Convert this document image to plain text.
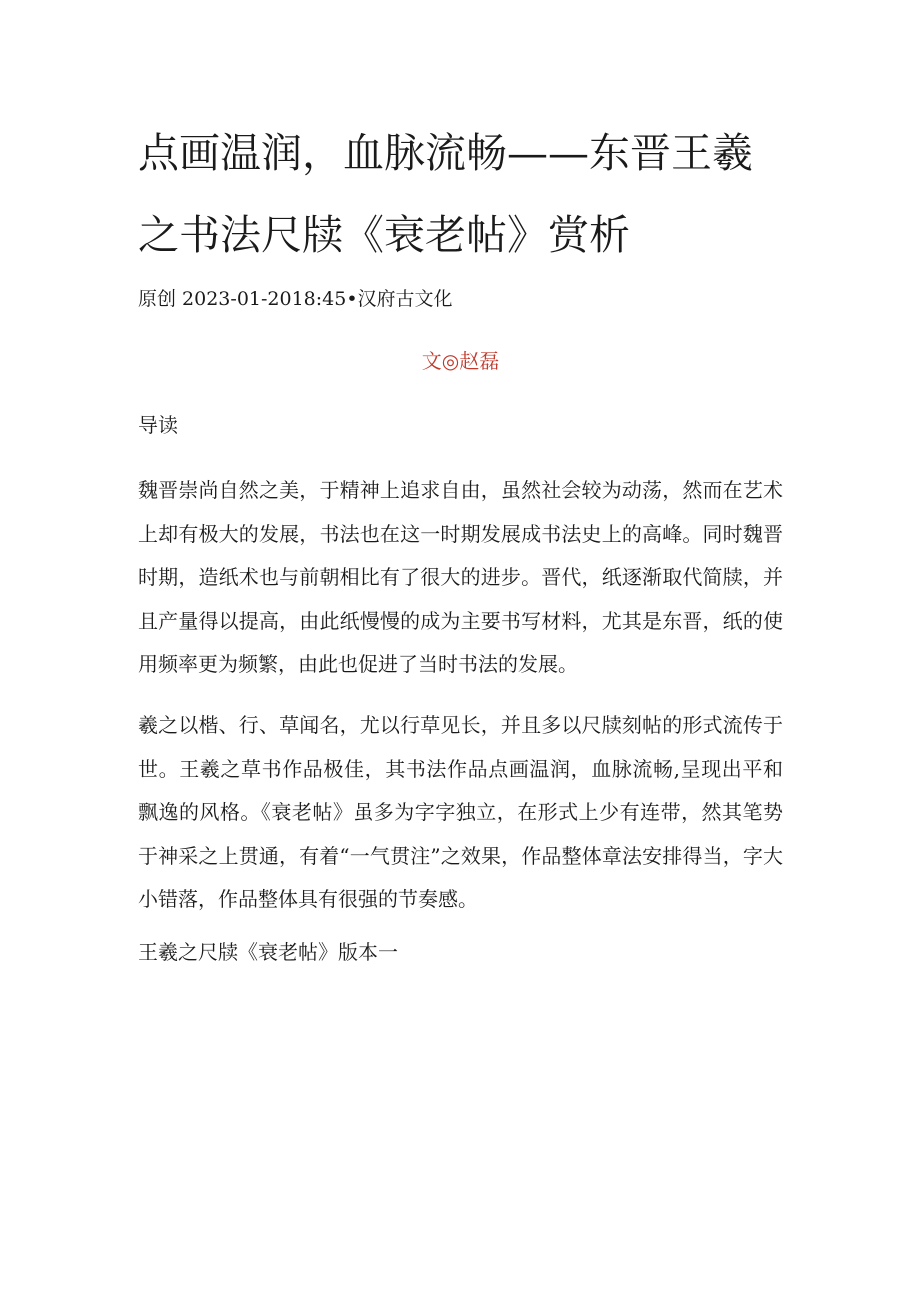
点画温润，血脉流畅——东晋王羲之书法尺牍《衰老帖》赏析
原创 2023-01-2018:45•汉府古文化
文◎赵磊
导读

魏晋崇尚自然之美，于精神上追求自由，虽然社会较为动荡，然而在艺术上却有极大的发展，书法也在这一时期发展成书法史上的高峰。同时魏晋时期，造纸术也与前朝相比有了很大的进步。晋代，纸逐渐取代简牍，并且产量得以提高，由此纸慢慢的成为主要书写材料，尤其是东晋，纸的使用频率更为频繁，由此也促进了当时书法的发展。

羲之以楷、行、草闻名，尤以行草见长，并且多以尺牍刻帖的形式流传于世。王羲之草书作品极佳，其书法作品点画温润，血脉流畅,呈现出平和飘逸的风格。《衰老帖》虽多为字字独立，在形式上少有连带，然其笔势于神采之上贯通，有着“一气贯注”之效果，作品整体章法安排得当，字大小错落，作品整体具有很强的节奏感。

王羲之尺牍《衰老帖》版本一
